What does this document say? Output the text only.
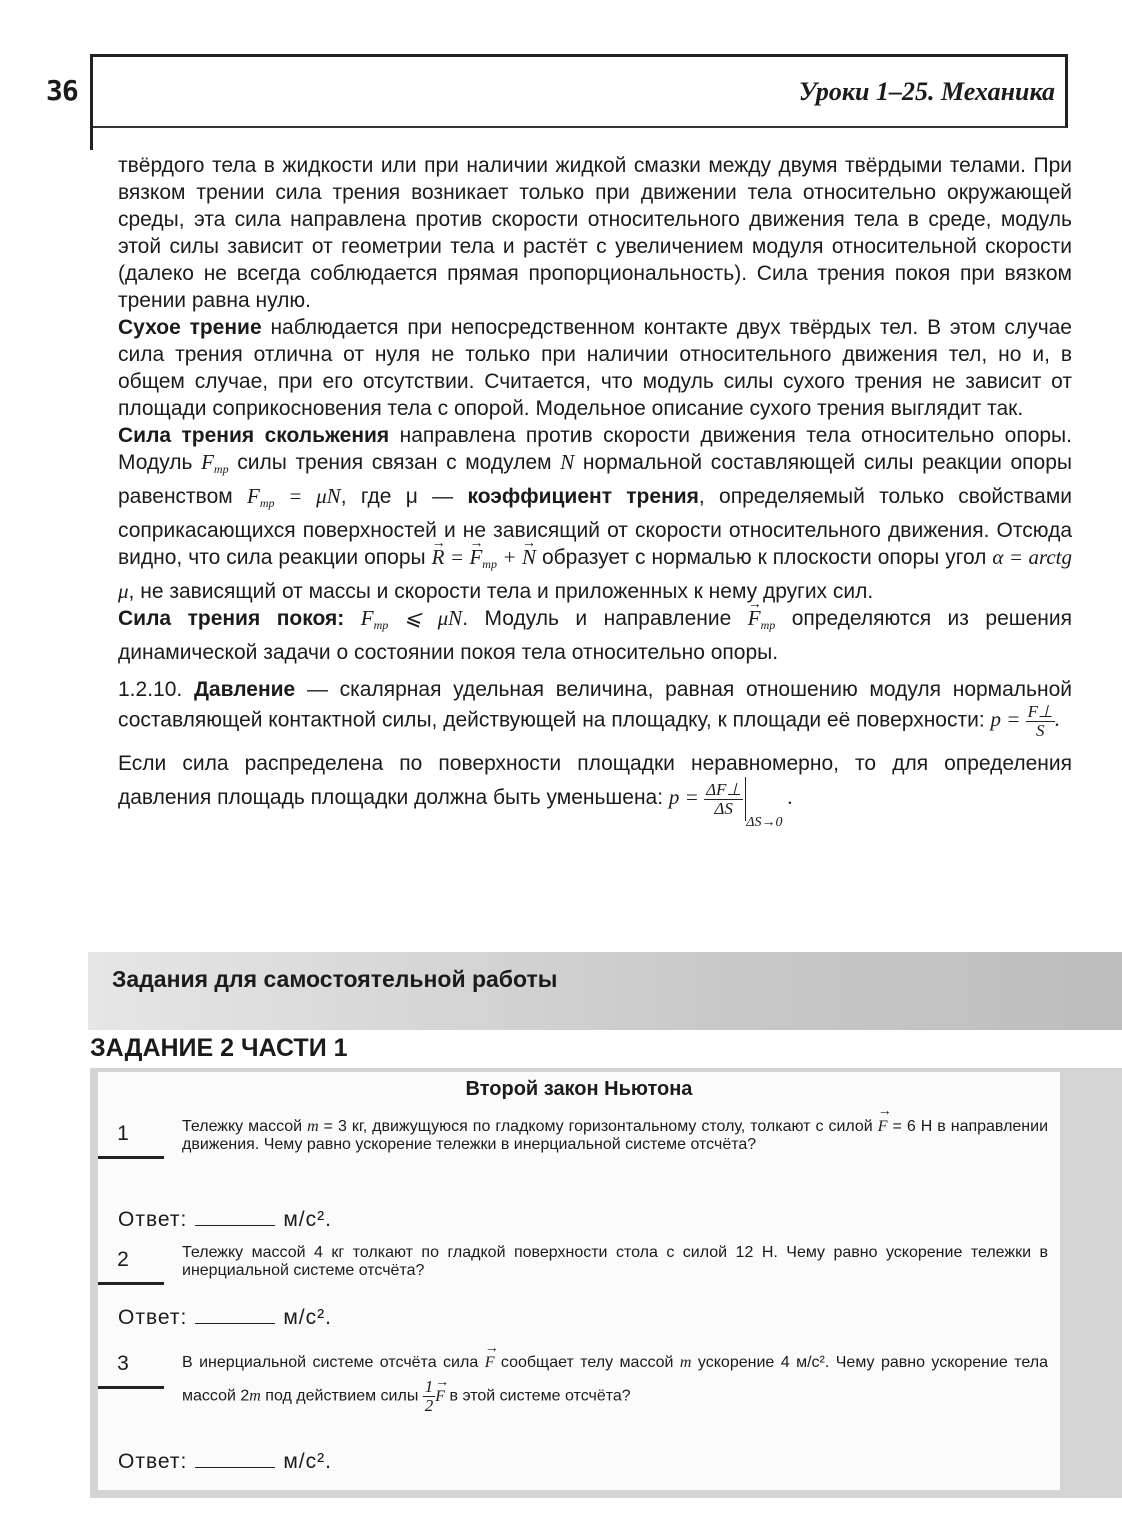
36	Уроки 1–25. Механика

твёрдого тела в жидкости или при наличии жидкой смазки между двумя твёрдыми телами. При вязком трении сила трения возникает только при движении тела относительно окружающей среды, эта сила направлена против скорости относительного движения тела в среде, модуль этой силы зависит от геометрии тела и растёт с увеличением модуля относительной скорости (далеко не всегда соблюдается прямая пропорциональность). Сила трения покоя при вязком трении равна нулю.

Сухое трение наблюдается при непосредственном контакте двух твёрдых тел. В этом случае сила трения отлична от нуля не только при наличии относительного движения тел, но и, в общем случае, при его отсутствии. Считается, что модуль силы сухого трения не зависит от площади соприкосновения тела с опорой. Модельное описание сухого трения выглядит так.

Сила трения скольжения направлена против скорости движения тела относительно опоры. Модуль $F_{тр}$ силы трения связан с модулем N нормальной составляющей силы реакции опоры равенством $F_{тр} = \mu N$, где μ — коэффициент трения, определяемый только свойствами соприкасающихся поверхностей и не зависящий от скорости относительного движения. Отсюда видно, что сила реакции опоры → R = → $F_{тр}$ + → N образует с нормалью к плоскости опоры угол α = arctg μ, не зависящий от массы и скорости тела и приложенных к нему других сил.

Сила трения покоя: $F_{тр}$ ⩽ μN. Модуль и направление → $F_{тр}$ определяются из решения динамической задачи о состоянии покоя тела относительно опоры.

1.2.10. Давление — скалярная удельная величина, равная отношению модуля нормальной составляющей контактной силы, действующей на площадку, к площади её поверхности: $p = \frac{F\perp}{S}$ .

Если сила распределена по поверхности площадки неравномерно, то для определения давления площадь площадки должна быть уменьшена: $p = \frac{\Delta F\perp}{\Delta S}$
$_{\Delta S\to 0}$ .

Задания для самостоятельной работы
ЗАДАНИЕ 2 ЧАСТИ 1
Второй закон Ньютона
1	Тележку массой m = 3 кг, движущуюся по гладкому горизонтальному столу, толкают с силой → F = 6 Н в направлении движения. Чему равно ускорение тележки в инерциальной системе отсчёта?
Ответ:	м/с².
2	Тележку массой 4 кг толкают по гладкой поверхности стола с силой 12 Н. Чему равно ускорение тележки в инерциальной системе отсчёта?
Ответ:	м/с².
3	В инерциальной системе отсчёта сила → F сообщает телу массой m ускорение 4 м/с². Чему равно ускорение тела массой 2m под действием силы $\frac{1}{2}$
→ F в этой системе отсчёта?
Ответ:	м/с².
